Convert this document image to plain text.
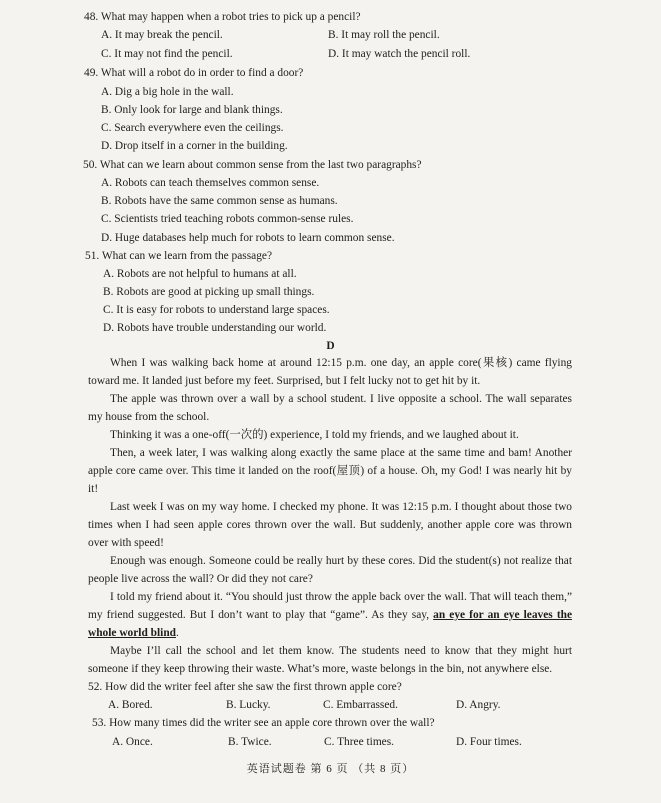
48. What may happen when a robot tries to pick up a pencil?
A. It may break the pencil.	B. It may roll the pencil.
C. It may not find the pencil.	D. It may watch the pencil roll.
49. What will a robot do in order to find a door?
A. Dig a big hole in the wall.
B. Only look for large and blank things.
C. Search everywhere even the ceilings.
D. Drop itself in a corner in the building.
50. What can we learn about common sense from the last two paragraphs?
A. Robots can teach themselves common sense.
B. Robots have the same common sense as humans.
C. Scientists tried teaching robots common-sense rules.
D. Huge databases help much for robots to learn common sense.
51. What can we learn from the passage?
A. Robots are not helpful to humans at all.
B. Robots are good at picking up small things.
C. It is easy for robots to understand large spaces.
D. Robots have trouble understanding our world.
D
When I was walking back home at around 12:15 p.m. one day, an apple core(果核) came flying toward me. It landed just before my feet. Surprised, but I felt lucky not to get hit by it.
The apple was thrown over a wall by a school student. I live opposite a school. The wall separates my house from the school.
Thinking it was a one-off(一次的) experience, I told my friends, and we laughed about it.
Then, a week later, I was walking along exactly the same place at the same time and bam! Another apple core came over. This time it landed on the roof(屋顶) of a house. Oh, my God! I was nearly hit by it!
Last week I was on my way home. I checked my phone. It was 12:15 p.m. I thought about those two times when I had seen apple cores thrown over the wall. But suddenly, another apple core was thrown over with speed!
Enough was enough. Someone could be really hurt by these cores. Did the student(s) not realize that people live across the wall? Or did they not care?
I told my friend about it. “You should just throw the apple back over the wall. That will teach them,” my friend suggested. But I don’t want to play that “game”. As they say, an eye for an eye leaves the whole world blind.
Maybe I’ll call the school and let them know. The students need to know that they might hurt someone if they keep throwing their waste. What’s more, waste belongs in the bin, not anywhere else.
52. How did the writer feel after she saw the first thrown apple core?
A. Bored.	B. Lucky.	C. Embarrassed.	D. Angry.
53. How many times did the writer see an apple core thrown over the wall?
A. Once.	B. Twice.	C. Three times.	D. Four times.
英语试题卷 第 6 页 （共 8 页）
